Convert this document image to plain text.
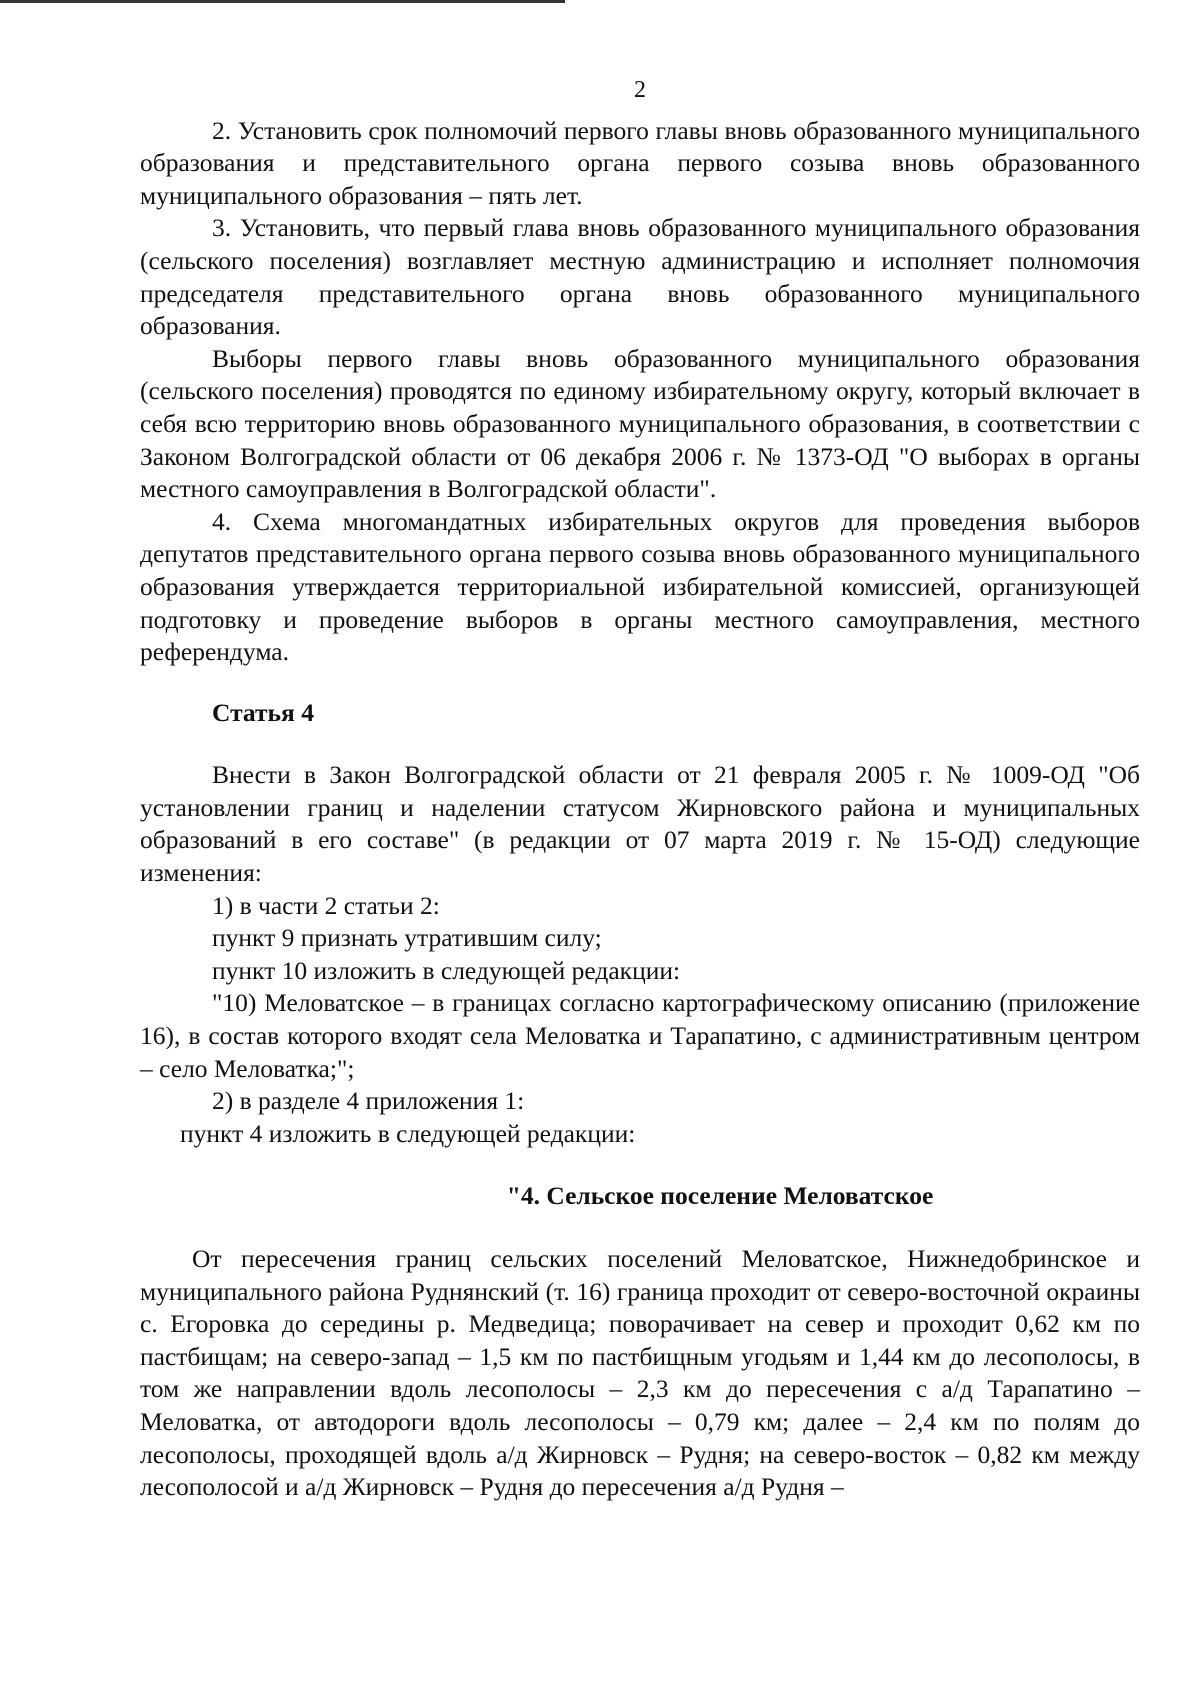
2

2. Установить срок полномочий первого главы вновь образованного муниципального образования и представительного органа первого созыва вновь образованного муниципального образования – пять лет.

3. Установить, что первый глава вновь образованного муниципального образования (сельского поселения) возглавляет местную администрацию и исполняет полномочия председателя представительного органа вновь образованного муниципального образования.

Выборы первого главы вновь образованного муниципального образования (сельского поселения) проводятся по единому избирательному округу, который включает в себя всю территорию вновь образованного муниципального образования, в соответствии с Законом Волгоградской области от 06 декабря 2006 г. № 1373-ОД "О выборах в органы местного самоуправления в Волгоградской области".

4. Схема многомандатных избирательных округов для проведения выборов депутатов представительного органа первого созыва вновь образованного муниципального образования утверждается территориальной избирательной комиссией, организующей подготовку и проведение выборов в органы местного самоуправления, местного референдума.

Статья 4

Внести в Закон Волгоградской области от 21 февраля 2005 г. № 1009-ОД "Об установлении границ и наделении статусом Жирновского района и муниципальных образований в его составе" (в редакции от 07 марта 2019 г. № 15-ОД) следующие изменения:

1) в части 2 статьи 2:

пункт 9 признать утратившим силу;

пункт 10 изложить в следующей редакции:

"10) Меловатское – в границах согласно картографическому описанию (приложение 16), в состав которого входят села Меловатка и Тарапатино, с административным центром – село Меловатка;";

2) в разделе 4 приложения 1:

пункт 4 изложить в следующей редакции:

"4. Сельское поселение Меловатское

От пересечения границ сельских поселений Меловатское, Нижнедобринское и муниципального района Руднянский (т. 16) граница проходит от северо-восточной окраины с. Егоровка до середины р. Медведица; поворачивает на север и проходит 0,62 км по пастбищам; на северо-запад – 1,5 км по пастбищным угодьям и 1,44 км до лесополосы, в том же направлении вдоль лесополосы – 2,3 км до пересечения с а/д Тарапатино – Меловатка, от автодороги вдоль лесополосы – 0,79 км; далее – 2,4 км по полям до лесополосы, проходящей вдоль а/д Жирновск – Рудня; на северо-восток – 0,82 км между лесополосой и а/д Жирновск – Рудня до пересечения а/д Рудня –
